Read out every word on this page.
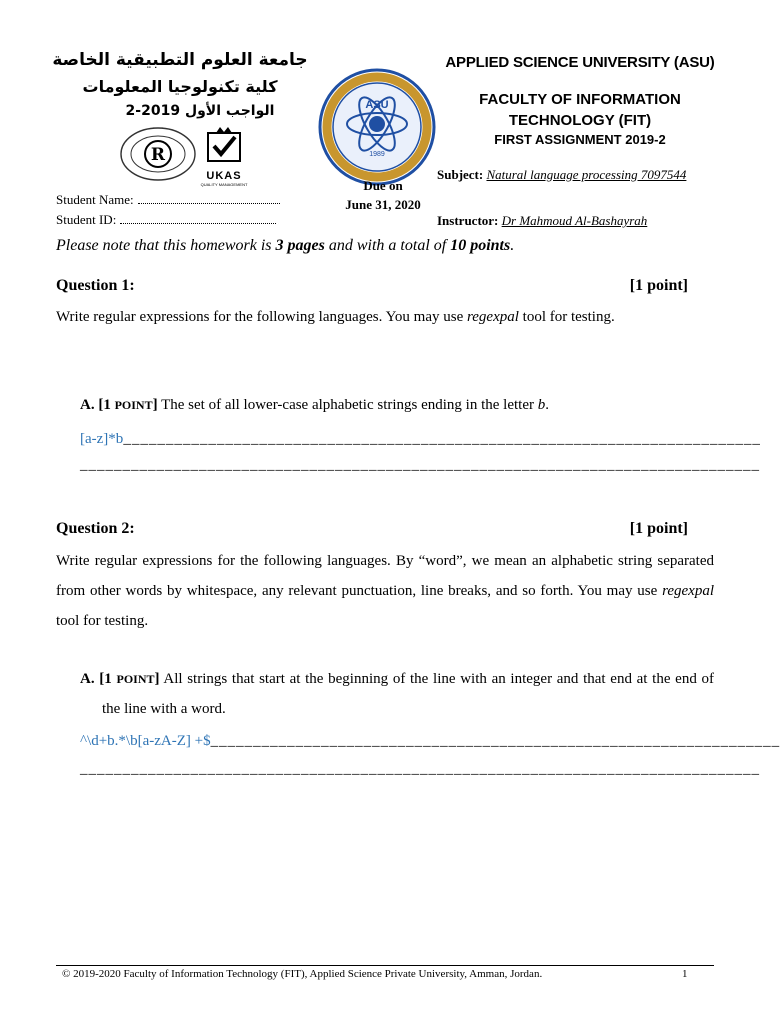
جامعة العلوم التطبيقية الخاصة
كلية تكنولوجيا المعلومات
الواجب الأول 2019-2
R
UKAS
QUALITY MANAGEMENT
ASU
1989
APPLIED SCIENCE UNIVERSITY (ASU)
FACULTY OF INFORMATION
TECHNOLOGY (FIT)
FIRST ASSIGNMENT 2019-2
Due on
June 31, 2020
Student Name:
Student ID:
Subject: Natural language processing 7097544
Instructor: Dr Mahmoud Al-Bashayrah
Please note that this homework is 3 pages and with a total of 10 points.
Question 1:	[1 point]
Write regular expressions for the following languages. You may use regexpal tool for testing.
A. [1 POINT] The set of all lower-case alphabetic strings ending in the letter b.
[a-z]*b___________________________________________________________________________
________________________________________________________________________________
Question 2:	[1 point]
Write regular expressions for the following languages. By “word”, we mean an alphabetic string separated from other words by whitespace, any relevant punctuation, line breaks, and so forth. You may use regexpal tool for testing.
A. [1 POINT] All strings that start at the beginning of the line with an integer and that end at the end of the line with a word.
^\d+b.*\b[a-zA-Z] +$___________________________________________________________________
________________________________________________________________________________
© 2019-2020 Faculty of Information Technology (FIT), Applied Science Private University, Amman, Jordan.	1
